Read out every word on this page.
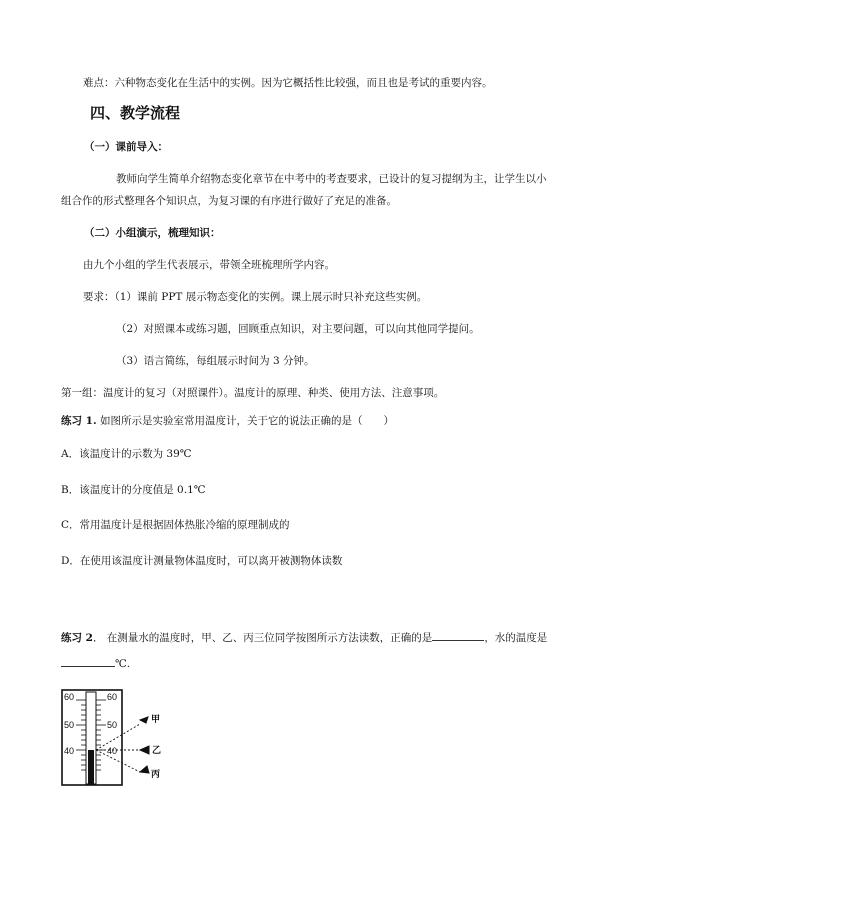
难点：六种物态变化在生活中的实例。因为它概括性比较强，而且也是考试的重要内容。
四、教学流程
（一）课前导入：
教师向学生简单介绍物态变化章节在中考中的考查要求，已设计的复习提纲为主，让学生以小
组合作的形式整理各个知识点，为复习课的有序进行做好了充足的准备。
（二）小组演示，梳理知识：
由九个小组的学生代表展示，带领全班梳理所学内容。
要求：（1）课前 PPT 展示物态变化的实例。课上展示时只补充这些实例。
（2）对照课本或练习题，回顾重点知识，对主要问题，可以向其他同学提问。
（3）语言简练，每组展示时间为 3 分钟。
第一组：温度计的复习（对照课件）。温度计的原理、种类、使用方法、注意事项。
练习 1. 如图所示是实验室常用温度计，关于它的说法正确的是（　　）
A．该温度计的示数为 39℃
B．该温度计的分度值是 0.1℃
C．常用温度计是根据固体热胀冷缩的原理制成的
D．在使用该温度计测量物体温度时，可以离开被测物体读数
练习 2． 在测量水的温度时，甲、乙、丙三位同学按图所示方法读数，正确的是	，水的温度是
℃.
60
50
40
60
50
40
甲
乙
丙
